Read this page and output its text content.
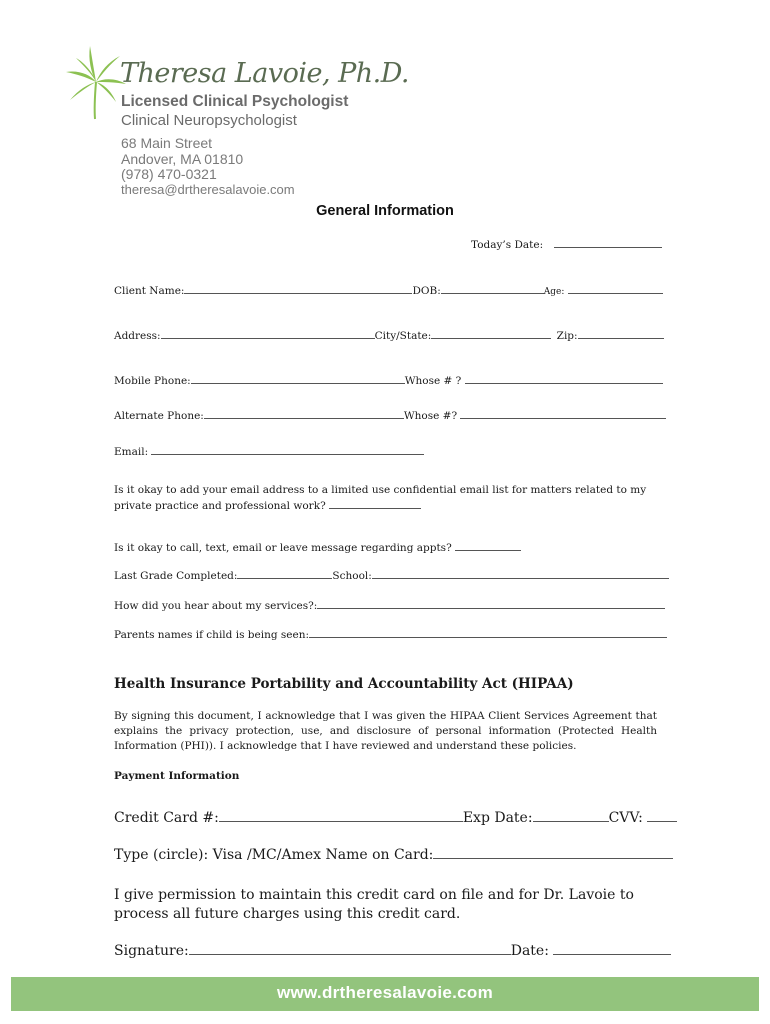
Theresa Lavoie, Ph.D.
Licensed Clinical Psychologist
Clinical Neuropsychologist
68 Main Street
Andover, MA 01810
(978) 470-0321
theresa@drtheresalavoie.com
General Information
Today’s Date:
Client Name:	DOB:	Age:
Address:	City/State:	Zip:
Mobile Phone:	Whose # ?
Alternate Phone:	Whose #?
Email:
Is it okay to add your email address to a limited use confidential email list for matters related to my private practice and professional work?
Is it okay to call, text, email or leave message regarding appts?
Last Grade Completed:	School:
How did you hear about my services?:
Parents names if child is being seen:
Health Insurance Portability and Accountability Act (HIPAA)
By signing this document, I acknowledge that I was given the HIPAA Client Services Agreement that explains the privacy protection, use, and disclosure of personal information (Protected Health Information (PHI)). I acknowledge that I have reviewed and understand these policies.
Payment Information
Credit Card #:	Exp Date:	CVV:
Type (circle): Visa /MC/Amex Name on Card:
I give permission to maintain this credit card on file and for Dr. Lavoie to process all future charges using this credit card.
Signature:	Date:
www.drtheresalavoie.com
